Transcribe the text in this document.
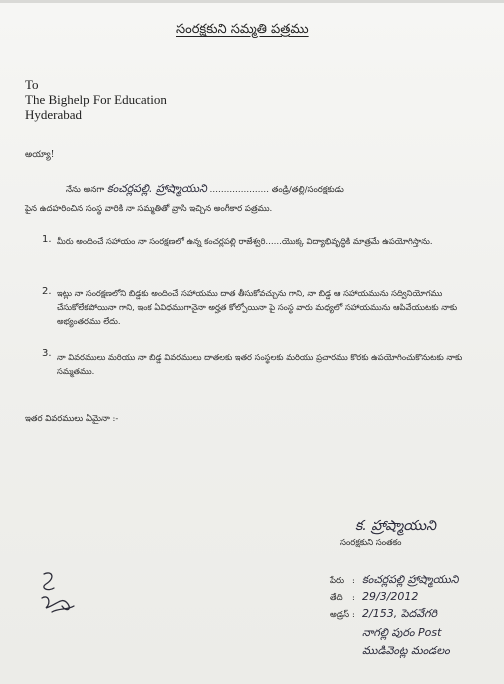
సంరక్షకుని సమ్మతి పత్రము
To
The Bighelp For Education
Hyderabad
అయ్యా!
నేను అనగా కంచర్లపల్లి. హ్రాష్మాయుని ………………… తండ్రి/తల్లి/సంరక్షకుడు
పైన ఉదహరించిన సంస్థ వారికి నా సమ్మతితో వ్రాసి ఇచ్చిన అంగీకార పత్రము.
1. మీరు అందించే సహాయం నా సంరక్షణలో ఉన్న కంచర్లపల్లి రాజేశ్వరి……యొక్క విద్యాభివృద్ధికి మాత్రమే ఉపయోగిస్తాను.
2. ఇట్లు నా సంరక్షణలోని బిడ్డకు అందించే సహాయము దాత తీసుకోవచ్చును గాని, నా బిడ్డ ఆ సహాయమును సద్వినియోగము చేసుకోలేకపోయినా గాని, ఇంక ఏవిధముగానైనా అర్హత కోల్పోయినా పై సంస్థ వారు మధ్యలో సహాయమును ఆపివేయుటకు నాకు అభ్యంతరము లేదు.
3. నా వివరములు మరియు నా బిడ్డ వివరములు దాతలకు ఇతర సంస్థలకు మరియు ప్రచారము కొరకు ఉపయోగించుకొనుటకు నాకు సమ్మతము.
ఇతర వివరములు ఏమైనా :-
క. హ్రాష్మాయుని
సంరక్షకుని సంతకం
పేరు : కంచర్లపల్లి హ్రాష్మాయుని
తేది	: 29/3/2012
అడ్రస్ : 2/153, పెదవేగరి
నాగల్లి పురం Post
ముడివెంట్ల మండలం
